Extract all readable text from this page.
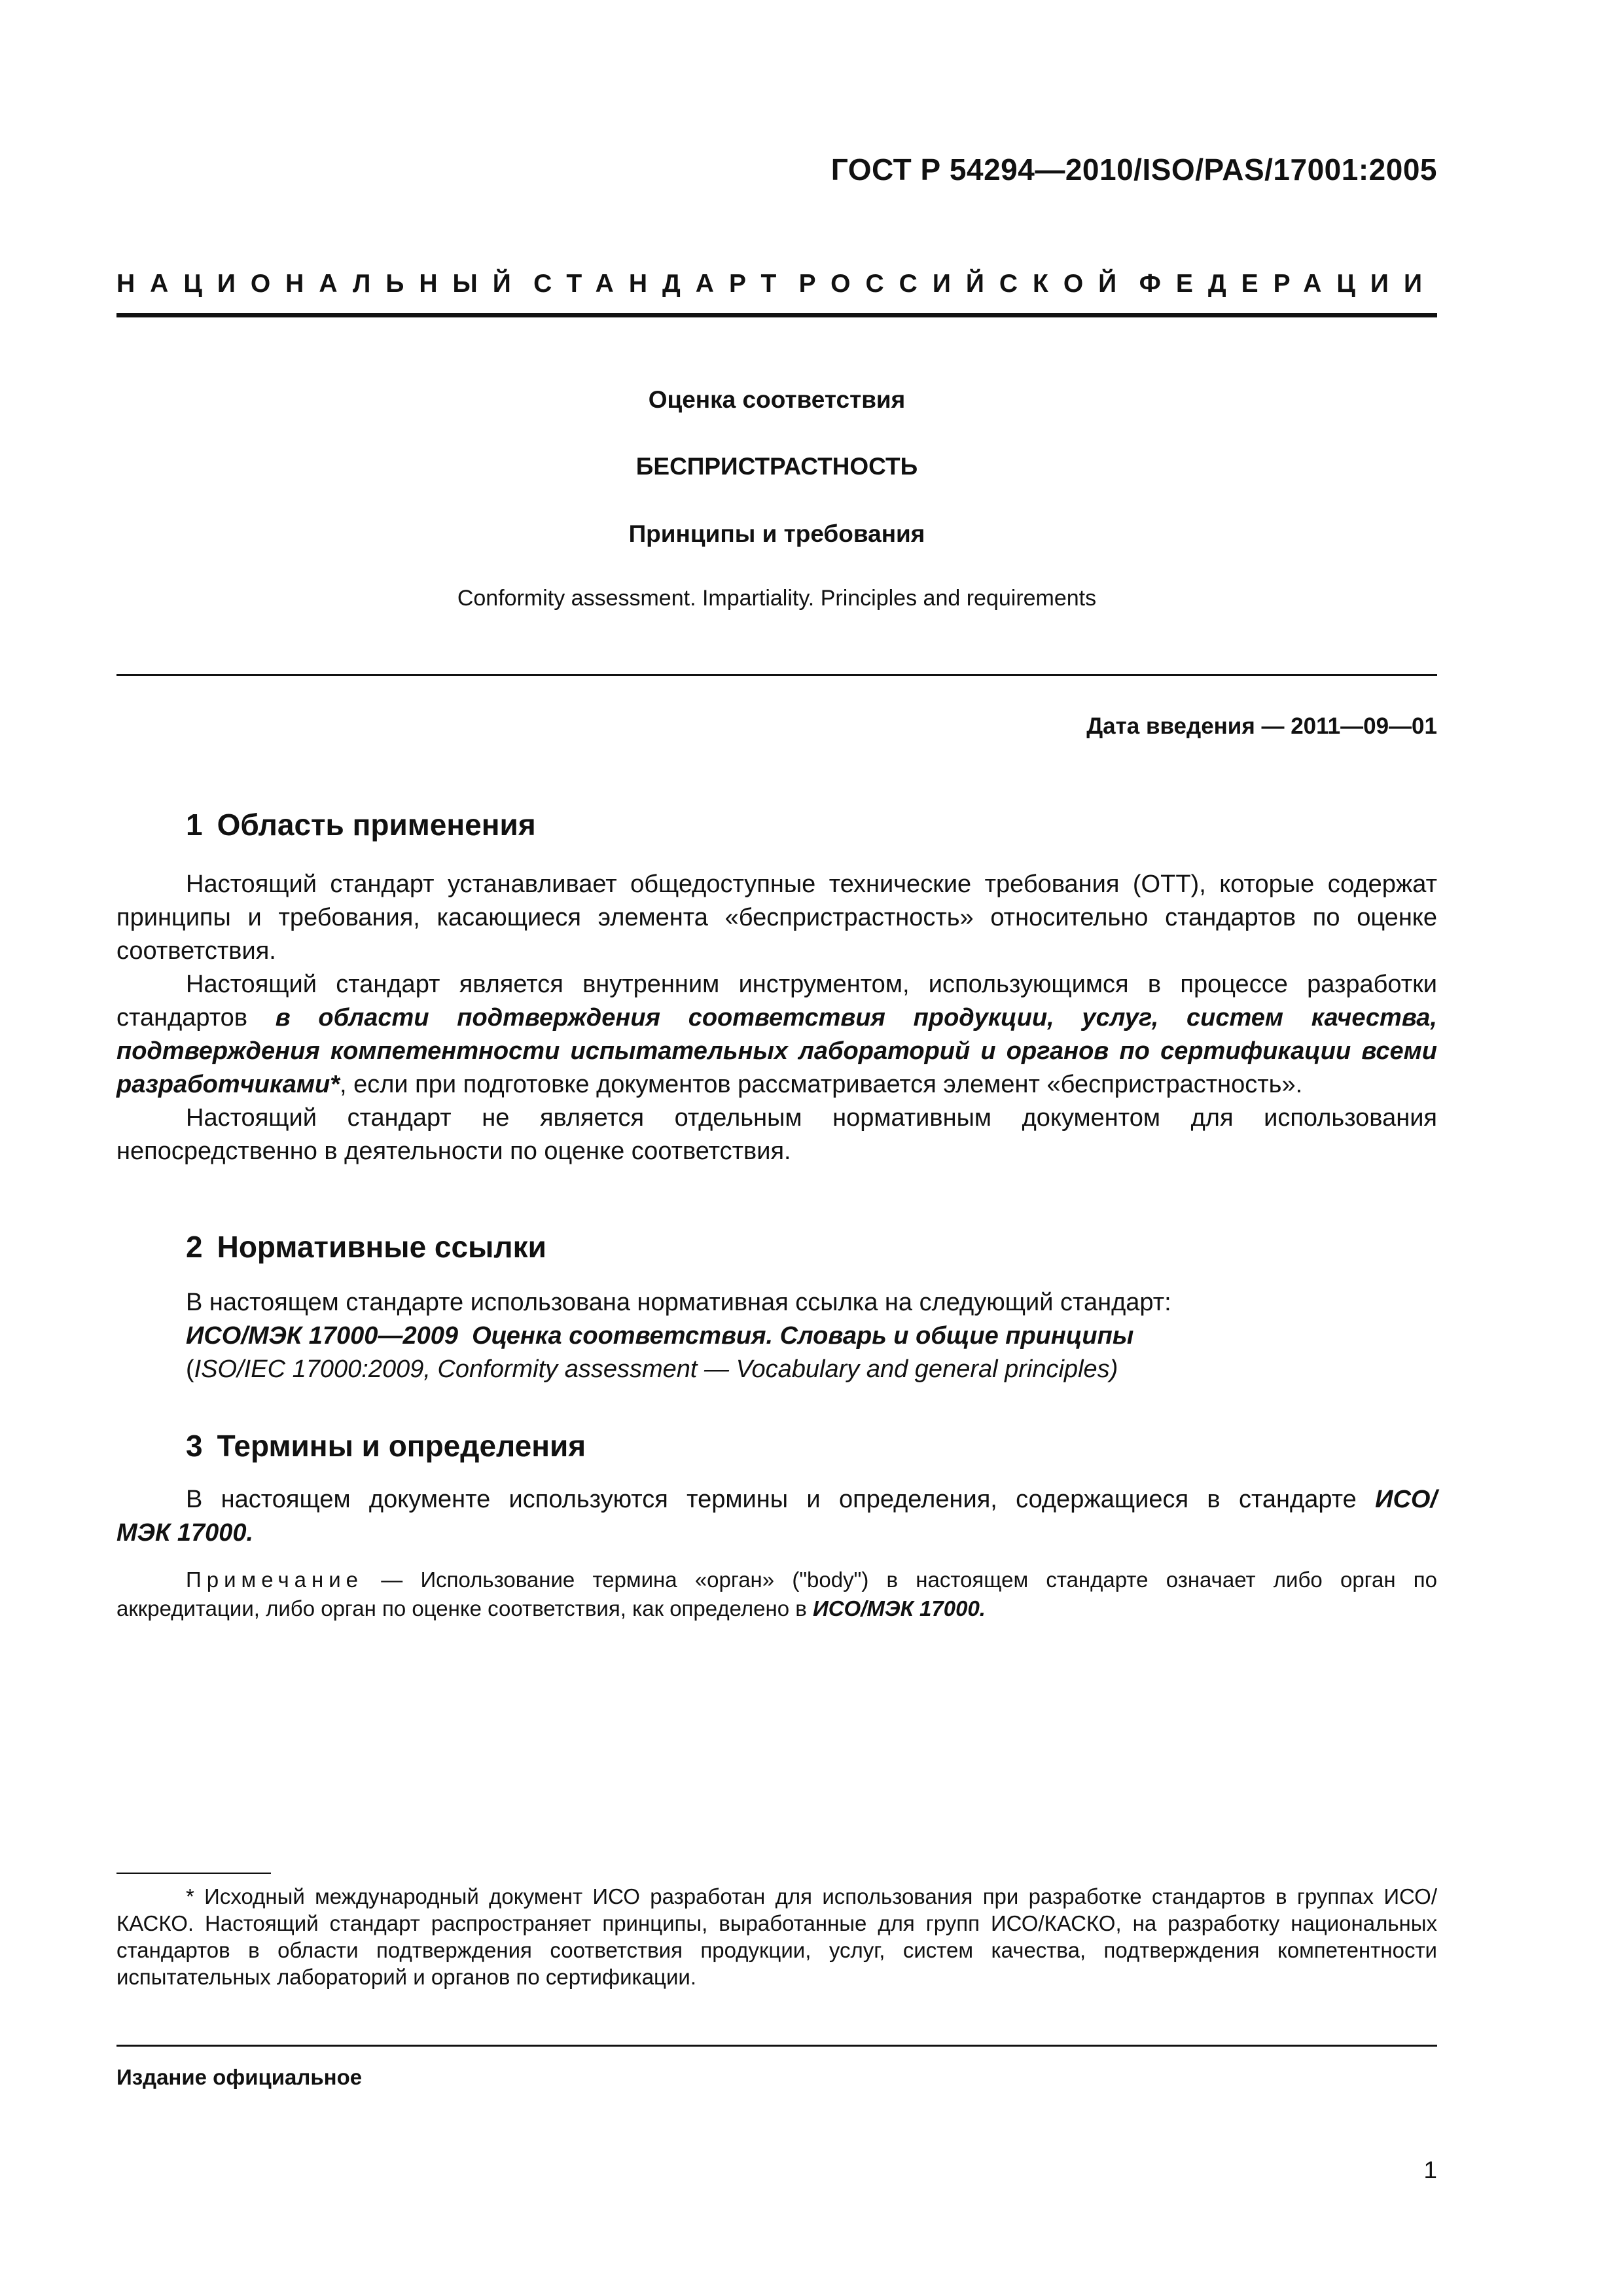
ГОСТ Р 54294—2010/ISO/PAS/17001:2005
НАЦИОНАЛЬНЫЙ СТАНДАРТ РОССИЙСКОЙ ФЕДЕРАЦИИ
Оценка соответствия
БЕСПРИСТРАСТНОСТЬ
Принципы и требования
Conformity assessment. Impartiality. Principles and requirements
Дата введения — 2011—09—01
1 Область применения
Настоящий стандарт устанавливает общедоступные технические требования (ОТТ), которые содержат принципы и требования, касающиеся элемента «беспристрастность» относительно стандартов по оценке соответствия.
Настоящий стандарт является внутренним инструментом, использующимся в процессе разработки стандартов в области подтверждения соответствия продукции, услуг, систем качества, подтверждения компетентности испытательных лабораторий и органов по сертификации всеми разработчиками*, если при подготовке документов рассматривается элемент «беспристрастность».
Настоящий стандарт не является отдельным нормативным документом для использования непосредственно в деятельности по оценке соответствия.
2 Нормативные ссылки
В настоящем стандарте использована нормативная ссылка на следующий стандарт:
ИСО/МЭК 17000—2009  Оценка соответствия. Словарь и общие принципы
(ISO/IEC 17000:2009, Conformity assessment — Vocabulary and general principles)
3 Термины и определения
В настоящем документе используются термины и определения, содержащиеся в стандарте ИСО/МЭК 17000.
Примечание — Использование термина «орган» ("body") в настоящем стандарте означает либо орган по аккредитации, либо орган по оценке соответствия, как определено в ИСО/МЭК 17000.
* Исходный международный документ ИСО разработан для использования при разработке стандартов в группах ИСО/КАСКО. Настоящий стандарт распространяет принципы, выработанные для групп ИСО/КАСКО, на разработку национальных стандартов в области подтверждения соответствия продукции, услуг, систем качества, подтверждения компетентности испытательных лабораторий и органов по сертификации.
Издание официальное
1
